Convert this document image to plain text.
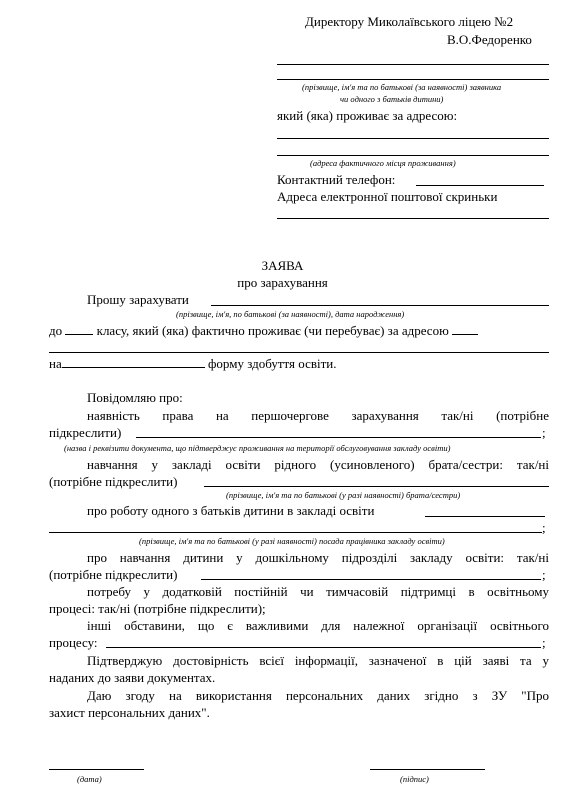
Директору Миколаївського ліцею №2
В.О.Федоренко
(прізвище, ім'я та по батькові (за наявності) заявника
чи одного з батьків дитини)
який (яка) проживає за адресою:
(адреса фактичного місця проживання)
Контактний телефон:
Адреса електронної поштової скриньки
ЗАЯВА
про зарахування
Прошу зарахувати
(прізвище, ім'я, по батькові (за наявності), дата народження)
до	класу, який (яка) фактично проживає (чи перебуває) за адресою
на	форму здобуття освіти.
Повідомляю про:
наявність права на першочергове зарахування так/ні (потрібне
підкреслити)	;
(назва і реквізити документа, що підтверджує проживання на території обслуговування закладу освіти)
навчання у закладі освіти рідного (усиновленого) брата/сестри: так/ні
(потрібне підкреслити)
(прізвище, ім'я та по батькові (у разі наявності) брата/сестри)
про роботу одного з батьків дитини в закладі освіти
;
(прізвище, ім'я та по батькові (у разі наявності) посада працівника закладу освіти)
про навчання дитини у дошкільному підрозділі закладу освіти: так/ні
(потрібне підкреслити)	;
потребу у додатковій постійній чи тимчасовій підтримці в освітньому
процесі: так/ні (потрібне підкреслити);
інші обставини, що є важливими для належної організації освітнього
процесу:	;
Підтверджую достовірність всієї інформації, зазначеної в цій заяві та у
наданих до заяви документах.
Даю згоду на використання персональних даних згідно з ЗУ "Про
захист персональних даних".
(дата)	(підпис)
